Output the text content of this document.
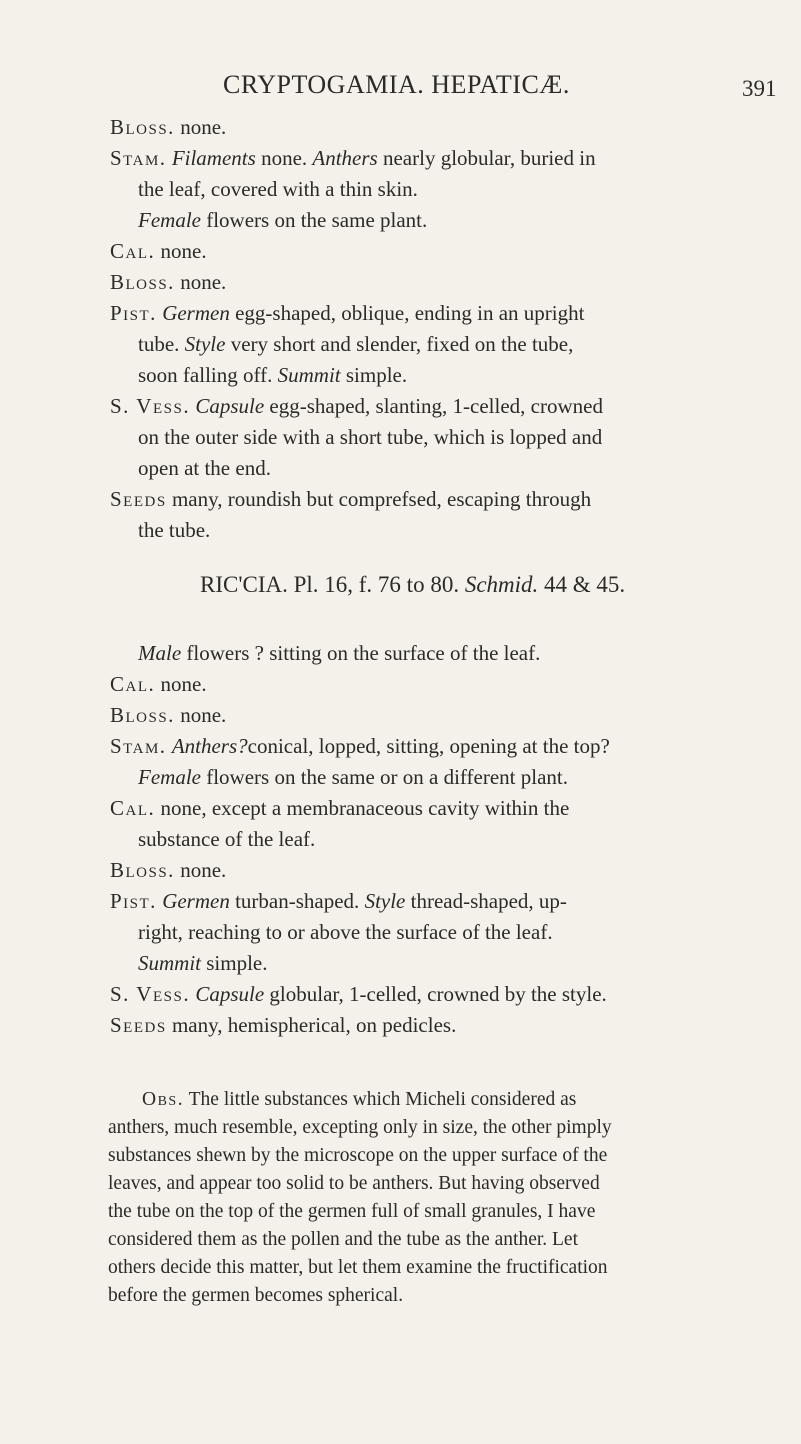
CRYPTOGAMIA. HEPATICÆ.	391
Bloss. none.
Stam. Filaments none. Anthers nearly globular, buried in
the leaf, covered with a thin skin.
Female flowers on the same plant.
Cal. none.
Bloss. none.
Pist. Germen egg-shaped, oblique, ending in an upright
tube. Style very short and slender, fixed on the tube,
soon falling off. Summit simple.
S. Vess. Capsule egg-shaped, slanting, 1-celled, crowned
on the outer side with a short tube, which is lopped and
open at the end.
Seeds many, roundish but comprefsed, escaping through
the tube.
RIC'CIA. Pl. 16, f. 76 to 80. Schmid. 44 & 45.
Male flowers ? sitting on the surface of the leaf.
Cal. none.
Bloss. none.
Stam. Anthers?conical, lopped, sitting, opening at the top?
Female flowers on the same or on a different plant.
Cal. none, except a membranaceous cavity within the
substance of the leaf.
Bloss. none.
Pist. Germen turban-shaped. Style thread-shaped, up-
right, reaching to or above the surface of the leaf.
Summit simple.
S. Vess. Capsule globular, 1-celled, crowned by the style.
Seeds many, hemispherical, on pedicles.
Obs. The little substances which Micheli considered as
anthers, much resemble, excepting only in size, the other pimply
substances shewn by the microscope on the upper surface of the
leaves, and appear too solid to be anthers. But having observed
the tube on the top of the germen full of small granules, I have
considered them as the pollen and the tube as the anther. Let
others decide this matter, but let them examine the fructification
before the germen becomes spherical.
